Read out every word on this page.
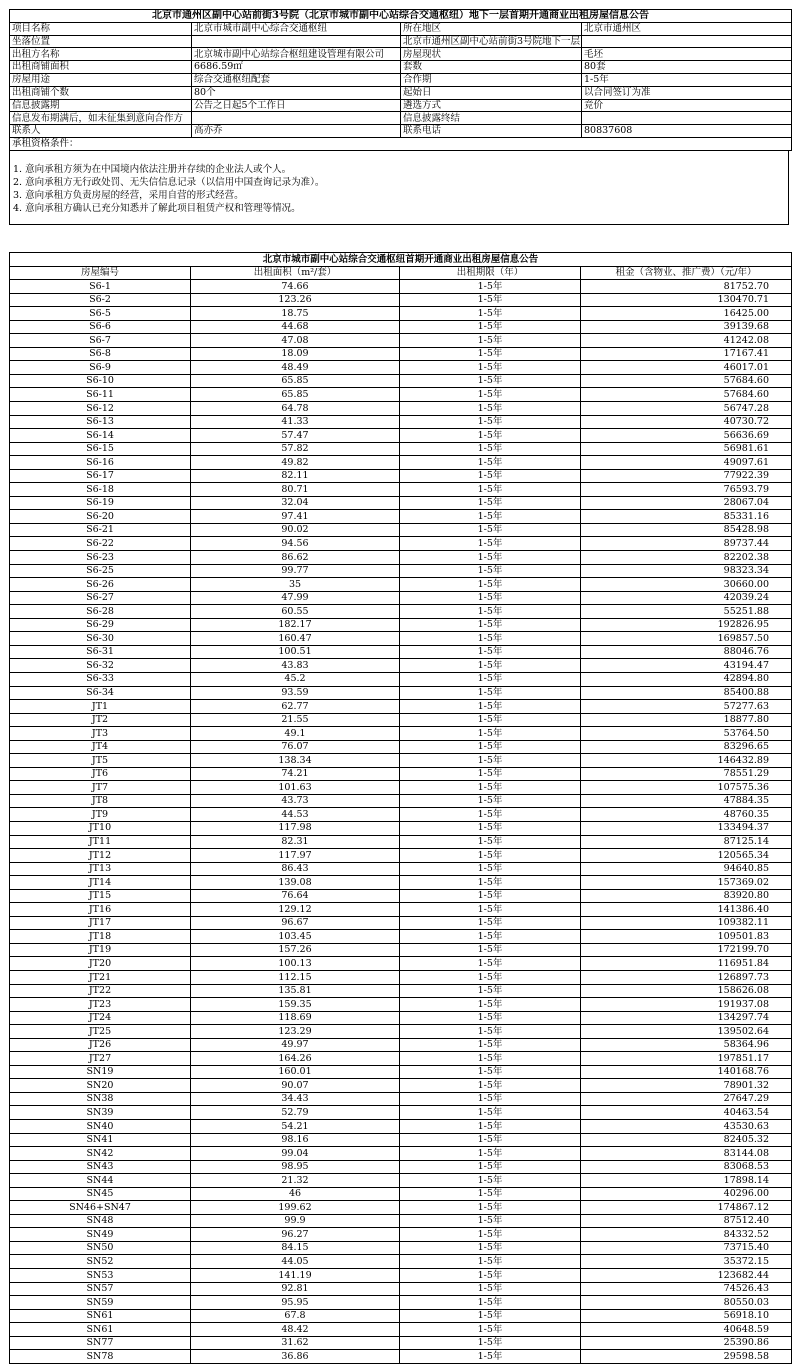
北京市通州区副中心站前街3号院（北京市城市副中心站综合交通枢纽）地下一层首期开通商业出租房屋信息公告			
项目名称	北京市城市副中心综合交通枢纽	所在地区	北京市通州区
坐落位置		北京市通州区副中心站前街3号院地下一层	
出租方名称	北京城市副中心站综合枢纽建设管理有限公司	房屋现状	毛坯
出租商铺面积	6686.59㎡	套数	80套
房屋用途	综合交通枢纽配套	合作期	1-5年
出租商铺个数	80个	起始日	以合同签订为准
信息披露期	公告之日起5个工作日	遴选方式	竞价
信息发布期满后，如未征集到意向合作方		信息披露终结	
联系人	高亦乔	联系电话	80837608
承租资格条件：			
1. 意向承租方须为在中国境内依法注册并存续的企业法人或个人。
2. 意向承租方无行政处罚、无失信信息记录（以信用中国查询记录为准）。
3. 意向承租方负责房屋的经营，采用自营的形式经营。
4. 意向承租方确认已充分知悉并了解此项目租赁产权和管理等情况。
北京市城市副中心站综合交通枢纽首期开通商业出租房屋信息公告			
房屋编号	出租面积（m²/套）	出租期限（年）	租金（含物业、推广费）（元/年）
S6-1	74.66	1-5年	81752.70
S6-2	123.26	1-5年	130470.71
S6-5	18.75	1-5年	16425.00
S6-6	44.68	1-5年	39139.68
S6-7	47.08	1-5年	41242.08
S6-8	18.09	1-5年	17167.41
S6-9	48.49	1-5年	46017.01
S6-10	65.85	1-5年	57684.60
S6-11	65.85	1-5年	57684.60
S6-12	64.78	1-5年	56747.28
S6-13	41.33	1-5年	40730.72
S6-14	57.47	1-5年	56636.69
S6-15	57.82	1-5年	56981.61
S6-16	49.82	1-5年	49097.61
S6-17	82.11	1-5年	77922.39
S6-18	80.71	1-5年	76593.79
S6-19	32.04	1-5年	28067.04
S6-20	97.41	1-5年	85331.16
S6-21	90.02	1-5年	85428.98
S6-22	94.56	1-5年	89737.44
S6-23	86.62	1-5年	82202.38
S6-25	99.77	1-5年	98323.34
S6-26	35	1-5年	30660.00
S6-27	47.99	1-5年	42039.24
S6-28	60.55	1-5年	55251.88
S6-29	182.17	1-5年	192826.95
S6-30	160.47	1-5年	169857.50
S6-31	100.51	1-5年	88046.76
S6-32	43.83	1-5年	43194.47
S6-33	45.2	1-5年	42894.80
S6-34	93.59	1-5年	85400.88
JT1	62.77	1-5年	57277.63
JT2	21.55	1-5年	18877.80
JT3	49.1	1-5年	53764.50
JT4	76.07	1-5年	83296.65
JT5	138.34	1-5年	146432.89
JT6	74.21	1-5年	78551.29
JT7	101.63	1-5年	107575.36
JT8	43.73	1-5年	47884.35
JT9	44.53	1-5年	48760.35
JT10	117.98	1-5年	133494.37
JT11	82.31	1-5年	87125.14
JT12	117.97	1-5年	120565.34
JT13	86.43	1-5年	94640.85
JT14	139.08	1-5年	157369.02
JT15	76.64	1-5年	83920.80
JT16	129.12	1-5年	141386.40
JT17	96.67	1-5年	109382.11
JT18	103.45	1-5年	109501.83
JT19	157.26	1-5年	172199.70
JT20	100.13	1-5年	116951.84
JT21	112.15	1-5年	126897.73
JT22	135.81	1-5年	158626.08
JT23	159.35	1-5年	191937.08
JT24	118.69	1-5年	134297.74
JT25	123.29	1-5年	139502.64
JT26	49.97	1-5年	58364.96
JT27	164.26	1-5年	197851.17
SN19	160.01	1-5年	140168.76
SN20	90.07	1-5年	78901.32
SN38	34.43	1-5年	27647.29
SN39	52.79	1-5年	40463.54
SN40	54.21	1-5年	43530.63
SN41	98.16	1-5年	82405.32
SN42	99.04	1-5年	83144.08
SN43	98.95	1-5年	83068.53
SN44	21.32	1-5年	17898.14
SN45	46	1-5年	40296.00
SN46+SN47	199.62	1-5年	174867.12
SN48	99.9	1-5年	87512.40
SN49	96.27	1-5年	84332.52
SN50	84.15	1-5年	73715.40
SN52	44.05	1-5年	35372.15
SN53	141.19	1-5年	123682.44
SN57	92.81	1-5年	74526.43
SN59	95.95	1-5年	80550.03
SN61	67.8	1-5年	56918.10
SN61	48.42	1-5年	40648.59
SN77	31.62	1-5年	25390.86
SN78	36.86	1-5年	29598.58
